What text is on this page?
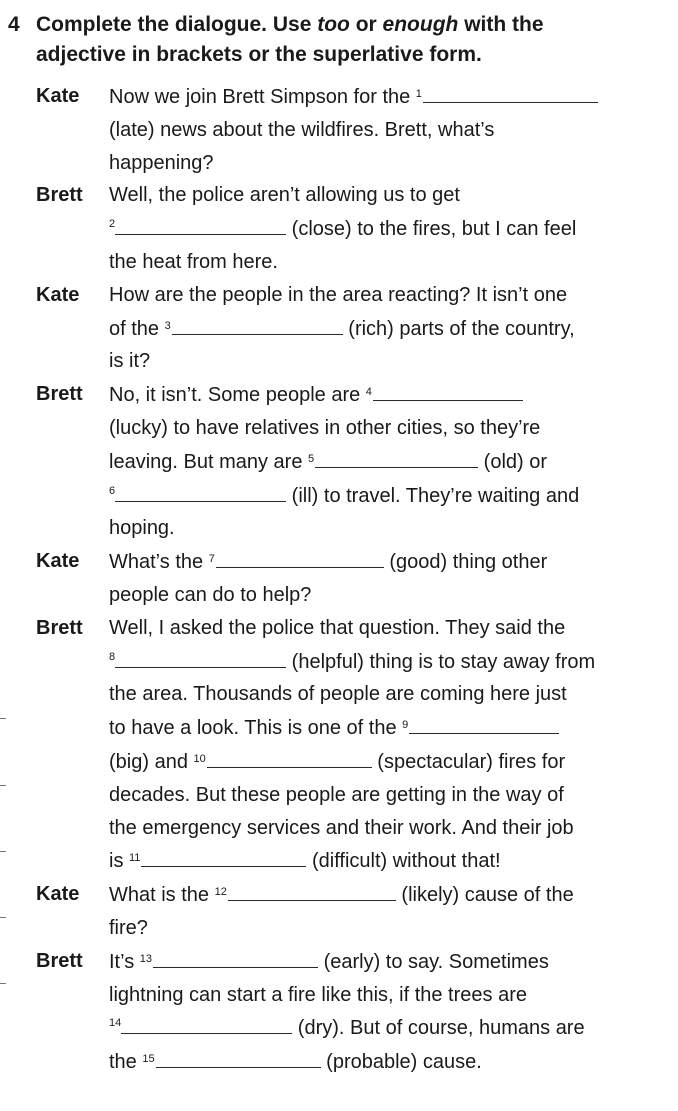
4 Complete the dialogue. Use too or enough with the adjective in brackets or the superlative form.
Kate Now we join Brett Simpson for the $^1$
(late) news about the wildfires. Brett, what’s
happening?
Brett Well, the police aren’t allowing us to get
2	(close) to the fires, but I can feel
the heat from here.
Kate How are the people in the area reacting? It isn’t one
of the $^3$	(rich) parts of the country,
is it?
Brett No, it isn’t. Some people are $^4$
(lucky) to have relatives in other cities, so they’re
leaving. But many are $^5$	(old) or
6	(ill) to travel. They’re waiting and
hoping.
Kate What’s the $^7$	(good) thing other
people can do to help?
Brett Well, I asked the police that question. They said the
8	(helpful) thing is to stay away from
the area. Thousands of people are coming here just
to have a look. This is one of the $^9$
(big) and $^{10}$	(spectacular) fires for
decades. But these people are getting in the way of
the emergency services and their work. And their job
is $^{11}$	(difficult) without that!
Kate What is the $^{12}$	(likely) cause of the
fire?
Brett It’s $^{13}$	(early) to say. Sometimes
lightning can start a fire like this, if the trees are
14	(dry). But of course, humans are
the $^{15}$	(probable) cause.
